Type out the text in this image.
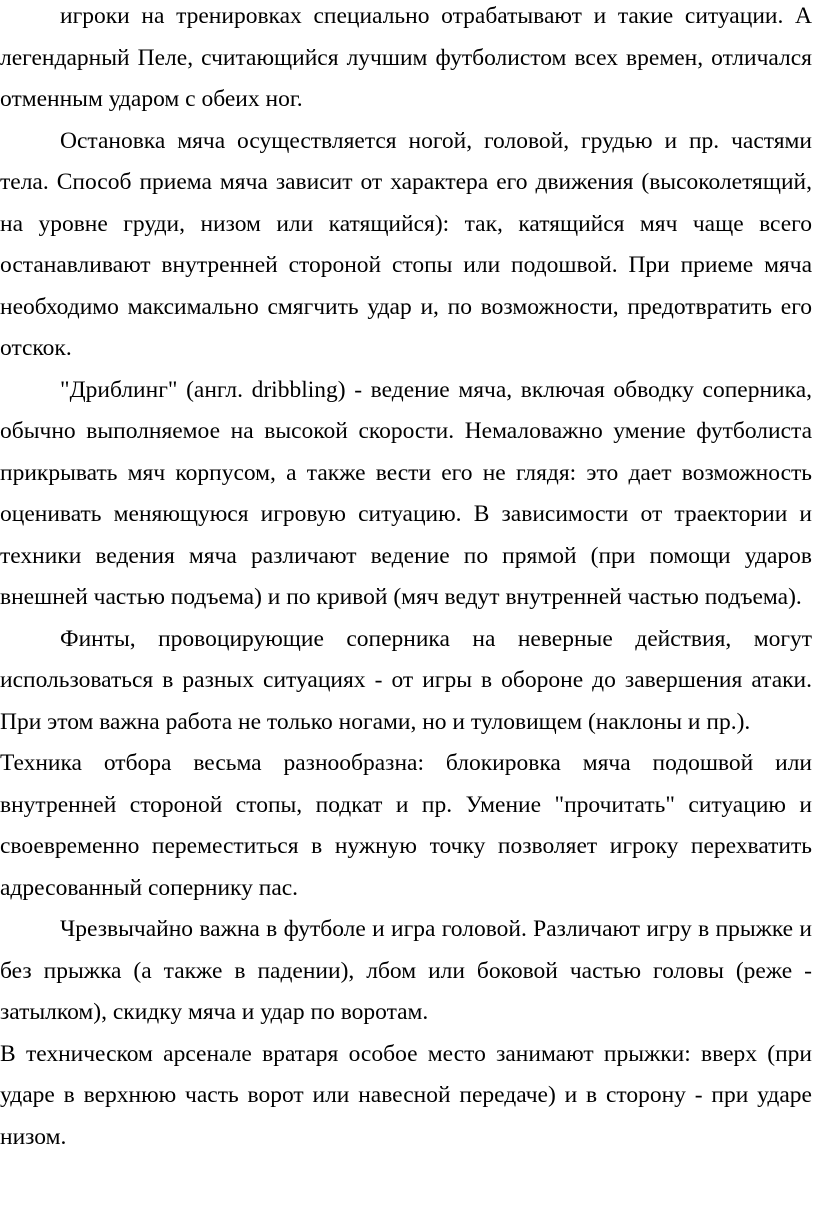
игроки на тренировках специально отрабатывают и такие ситуации. А легендарный Пеле, считающийся лучшим футболистом всех времен, отличался отменным ударом с обеих ног.

Остановка мяча осуществляется ногой, головой, грудью и пр. частями тела. Способ приема мяча зависит от характера его движения (высоколетящий, на уровне груди, низом или катящийся): так, катящийся мяч чаще всего останавливают внутренней стороной стопы или подошвой. При приеме мяча необходимо максимально смягчить удар и, по возможности, предотвратить его отскок.

"Дриблинг" (англ. dribbling) - ведение мяча, включая обводку соперника, обычно выполняемое на высокой скорости. Немаловажно умение футболиста прикрывать мяч корпусом, а также вести его не глядя: это дает возможность оценивать меняющуюся игровую ситуацию. В зависимости от траектории и техники ведения мяча различают ведение по прямой (при помощи ударов внешней частью подъема) и по кривой (мяч ведут внутренней частью подъема).

Финты, провоцирующие соперника на неверные действия, могут использоваться в разных ситуациях - от игры в обороне до завершения атаки. При этом важна работа не только ногами, но и туловищем (наклоны и пр.).

Техника отбора весьма разнообразна: блокировка мяча подошвой или внутренней стороной стопы, подкат и пр. Умение "прочитать" ситуацию и своевременно переместиться в нужную точку позволяет игроку перехватить адресованный сопернику пас.

Чрезвычайно важна в футболе и игра головой. Различают игру в прыжке и без прыжка (а также в падении), лбом или боковой частью головы (реже - затылком), скидку мяча и удар по воротам.

В техническом арсенале вратаря особое место занимают прыжки: вверх (при ударе в верхнюю часть ворот или навесной передаче) и в сторону - при ударе низом.
